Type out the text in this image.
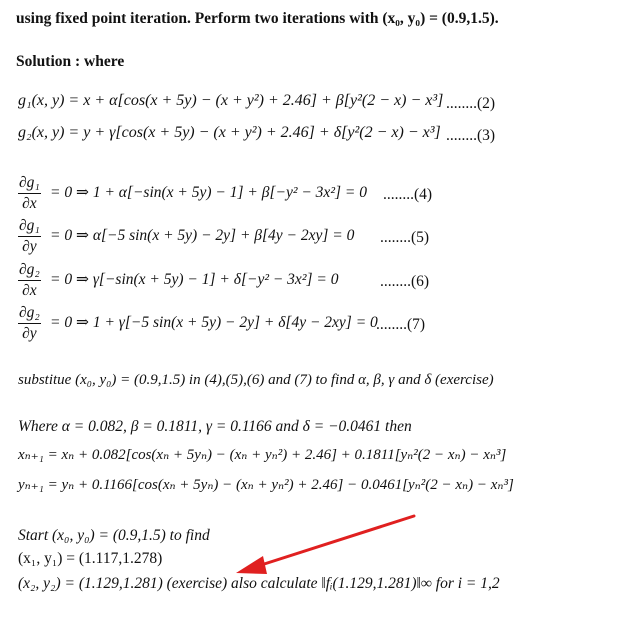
using fixed point iteration. Perform two iterations with (x₀, y₀) = (0.9,1.5).
Solution : where
g₁(x, y) = x + α[cos(x + 5y) − (x + y²) + 2.46] + β[y²(2 − x) − x³] ........(2)
g₂(x, y) = y + γ[cos(x + 5y) − (x + y²) + 2.46] + δ[y²(2 − x) − x³] ........(3)
$\frac{\text{∂g₁}}{\partial x} = 0$ ⇒ 1 + α[−sin(x + 5y) − 1] + β[−y² − 3x²] = 0 ........(4)
$\frac{\text{∂g₁}}{\partial y} = 0$ ⇒ α[−5 sin(x + 5y) − 2y] + β[4y − 2xy] = 0 ........(5)
$\frac{\text{∂g₂}}{\partial x} = 0$ ⇒ γ[−sin(x + 5y) − 1] + δ[−y² − 3x²] = 0	........(6)
$\frac{\text{∂g₂}}{\partial y} = 0$ ⇒ 1 + γ[−5 sin(x + 5y) − 2y] + δ[4y − 2xy] = 0
........(7)
substitue (x₀, y₀) = (0.9,1.5) in (4),(5),(6) and (7) to find α, β, γ and δ (exercise)
Where α = 0.082, β = 0.1811, γ = 0.1166 and δ = −0.0461 then
xₙ₊₁ = xₙ + 0.082[cos(xₙ + 5yₙ) − (xₙ + yₙ²) + 2.46] + 0.1811[yₙ²(2 − xₙ) − xₙ³]
yₙ₊₁ = yₙ + 0.1166[cos(xₙ + 5yₙ) − (xₙ + yₙ²) + 2.46] − 0.0461[yₙ²(2 − xₙ) − xₙ³]
Start (x₀, y₀) = (0.9,1.5) to find
(x₁, y₁) = (1.117,1.278)
(x₂, y₂) = (1.129,1.281) (exercise) also calculate ‖fᵢ(1.129,1.281)‖∞ for i = 1,2
